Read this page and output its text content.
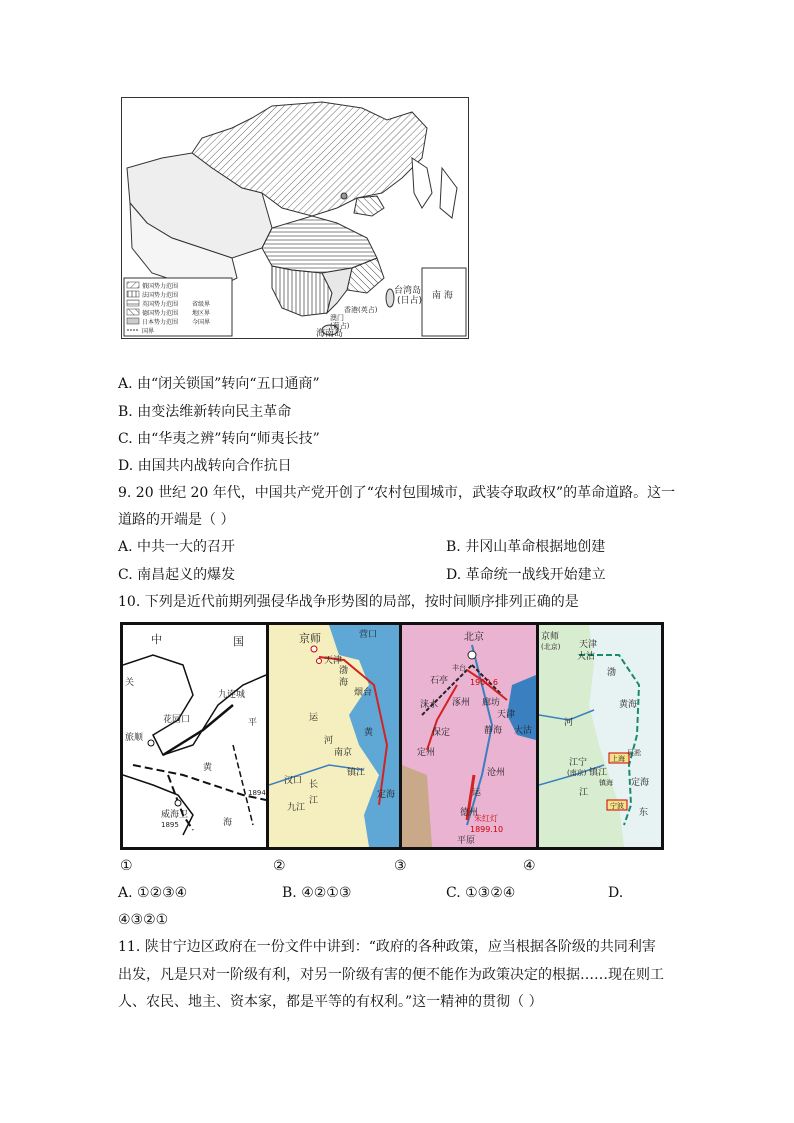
台湾岛
(日占)
香港(英占)
澳门
(葡占)
海南岛
南 海
俄国势力范围
法国势力范围
英国势力范围
德国势力范围
日本势力范围
国界
省级界
地区界
今国界
A. 由“闭关锁国”转向“五口通商”
B. 由变法维新转向民主革命
C. 由“华夷之辨”转向“师夷长技”
D. 由国共内战转向合作抗日
9. 20 世纪 20 年代，中国共产党开创了“农村包围城市，武装夺取政权”的革命道路。这一
道路的开端是（ ）
A. 中共一大的召开	B. 井冈山革命根据地创建
C. 南昌起义的爆发	D. 革命统一战线开始建立
10. 下列是近代前期列强侵华战争形势图的局部，按时间顺序排列正确的是
中	国
九连城
花园口
旅顺
关
平
黄
海
威海卫
1895
1894
京师
天津
营口
烟台
渤
海
黄
运
河
南京
镇江
汉口
九江
长
江
定海
北京
丰台
1900.6
石亭
涞水 涿州 廊坊
天津
静海 大沽
保定
定州
沧州
德州
朱红灯
1899.10
平原
运
京师
(北京) 天津
大沽
渤
黄海
河
江宁
(南京) 镇江
吴淞
上海
镇海 定海
宁波
江
东
①	②	③	④
A. ①②③④	B. ④②①③	C. ①③②④	D.
④③②①
11. 陕甘宁边区政府在一份文件中讲到：“政府的各种政策，应当根据各阶级的共同利害
出发，凡是只对一阶级有利，对另一阶级有害的便不能作为政策决定的根据……现在则工
人、农民、地主、资本家，都是平等的有权利。”这一精神的贯彻（ ）
